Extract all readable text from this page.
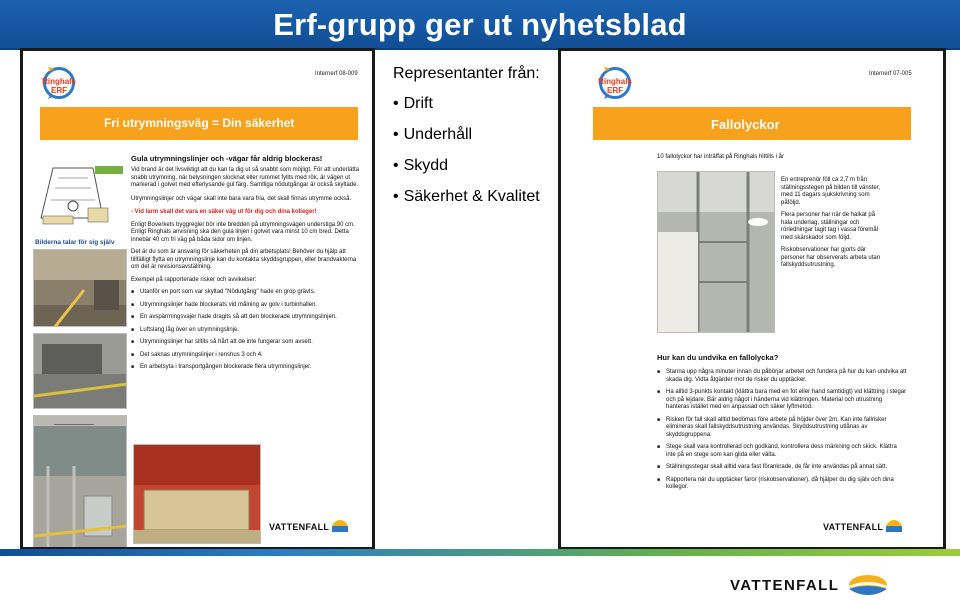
Erf-grupp ger ut nyhetsblad
➤
Ringhals ERF
➤
Internerf 08-009
Fri utrymningsväg = Din säkerhet
Nödutgång
Gula utrymningslinjer och -vägar får aldrig blockeras!
Vid brand är det livsviktigt att du kan ta dig ut så snabbt som möjligt. För att underlätta snabb utrymning, när belysningen slocknat eller rummet fyllts med rök, är vägen ut markerad i golvet med efterlysande gul färg. Samtliga nödutgångar är också skyltade.
Utrymningslinjer och vägar skall inte bara vara fria, det skall finnas utrymme också.
- Vid larm skall det vara en säker väg ut för dig och dina kolleger!
Enligt Boverkets byggregler bör inte bredden på utrymningsvägen understiga 90 cm. Enligt Ringhals anvisning ska den gula linjen i golvet vara minst 10 cm bred. Detta innebär 40 cm fri väg på båda sidor om linjen.
Det är du som är ansvarig för säkerheten på din arbetsplats! Behöver du hjälp att tillfälligt flytta en utrymningslinje kan du kontakta skyddsgruppen, eller brandvakterna om det är revisionsavställning.
Exempel på rapporterade risker och avvikelser:
■ Utanför en port som var skyltad "Nödutgång" hade en grop grävts.
■ Utrymningslinjer hade blockerats vid målning av golv i turbinhallen.
■ En avspärrningsvajer hade dragits så att den blockerade utrymningslinjen.
■ Luftslang låg över en utrymningslinje.
■ Utrymningslinjer har slitits så hårt att de inte fungerar som avsett.
■ Det saknas utrymningslinjer i renshus 3 och 4.
■ En arbetsyta i transportgången blockerade flera utrymningslinjer.
Bilderna talar för sig själv
VATTENFALL
Representanter från:
• Drift
• Underhåll
• Skydd
• Säkerhet & Kvalitet
➤
Ringhals ERF
➤
Internerf 07-005
Fallolyckor
10 fallolyckor har inträffat på Ringhals hittills i år
En entreprenör föll ca 2,7 m från ställningsstegen på bilden till vänster, med 11 dagars sjukskrivning som påföljd.
Flera personer har när de halkat på hala underlag, ställningar och rörledningar tagit tag i vassa föremål med skärskador som följd.
Riskobservationer har gjorts där personer har observerats arbeta utan fallskyddsutrustning.
Hur kan du undvika en fallolycka?
■ Stanna upp några minuter innan du påbörjar arbetet och fundera på hur du kan undvika att skada dig. Vidta åtgärder mot de risker du upptäcker.
■ Ha alltid 3-punkts kontakt (klättra bara med en fot eller hand samtidigt) vid klättring i stegar och på lejdare. Bär aldrig något i händerna vid klättringen. Material och utrustning hanteras istället med en anpassad och säker lyftmetod.
■ Risken för fall skall alltid bedömas före arbete på höjder över 2m. Kan inte fallrisker elimineras skall fallskyddsutrustning användas. Skyddsutrustning utlånas av skyddsgruppena.
■ Stege skall vara kontrollerad och godkänd, kontrollera dess märkning och skick. Klättra inte på en stege som kan glida eller välta.
■ Ställningsstegar skall alltid vara fast förankrade, de får inte användas på annat sätt.
■ Rapportera när du upptäcker faror (riskobservationer), då hjälper du dig själv och dina kollegor.
VATTENFALL
VATTENFALL
